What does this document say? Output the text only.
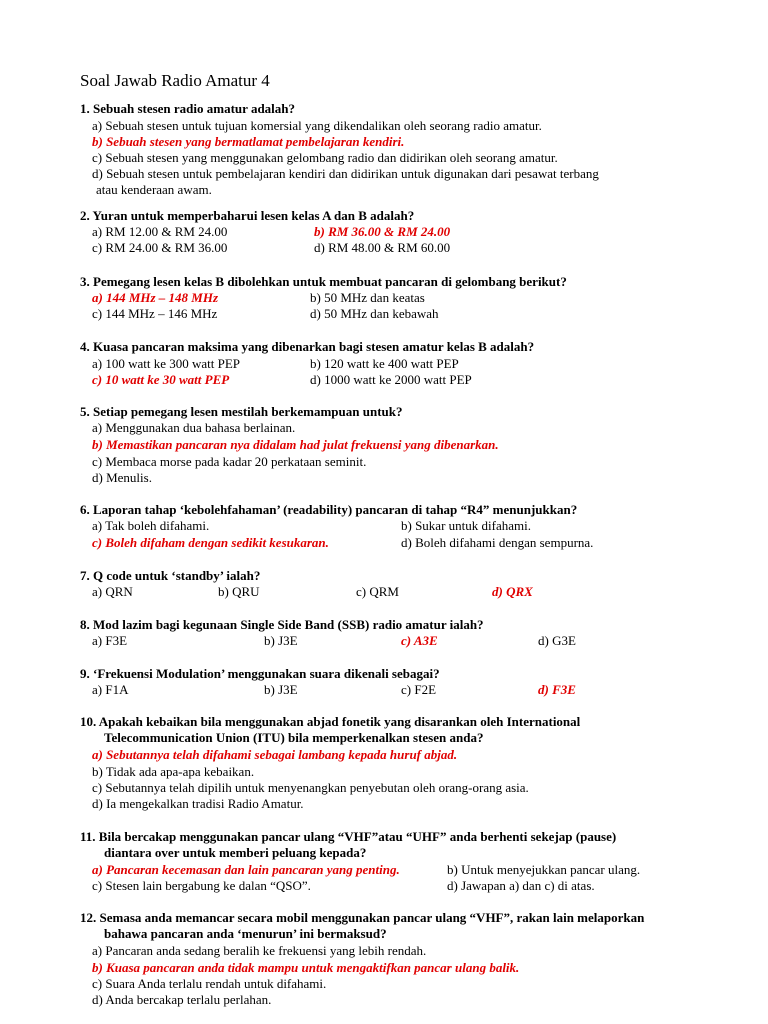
Soal Jawab Radio Amatur 4
1. Sebuah stesen radio amatur adalah?
a) Sebuah stesen untuk tujuan komersial yang dikendalikan oleh seorang radio amatur.
b) Sebuah stesen yang bermatlamat pembelajaran kendiri.
c) Sebuah stesen yang menggunakan gelombang radio dan didirikan oleh seorang amatur.
d) Sebuah stesen untuk pembelajaran kendiri dan didirikan untuk digunakan dari pesawat terbang
atau kenderaan awam.
2. Yuran untuk memperbaharui lesen kelas A dan B adalah?
a) RM 12.00 & RM 24.00	b) RM 36.00 & RM 24.00
c) RM 24.00 & RM 36.00	d) RM 48.00 & RM 60.00
3. Pemegang lesen kelas B dibolehkan untuk membuat pancaran di gelombang berikut?
a) 144 MHz – 148 MHz	b) 50 MHz dan keatas
c) 144 MHz – 146 MHz	d) 50 MHz dan kebawah
4. Kuasa pancaran maksima yang dibenarkan bagi stesen amatur kelas B adalah?
a) 100 watt ke 300 watt PEP	b) 120 watt ke 400 watt PEP
c) 10 watt ke 30 watt PEP	d) 1000 watt ke 2000 watt PEP
5. Setiap pemegang lesen mestilah berkemampuan untuk?
a) Menggunakan dua bahasa berlainan.
b) Memastikan pancaran nya didalam had julat frekuensi yang dibenarkan.
c) Membaca morse pada kadar 20 perkataan seminit.
d) Menulis.
6. Laporan tahap ‘kebolehfahaman’ (readability) pancaran di tahap “R4” menunjukkan?
a) Tak boleh difahami.	b) Sukar untuk difahami.
c) Boleh difaham dengan sedikit kesukaran.	d) Boleh difahami dengan sempurna.
7. Q code untuk ‘standby’ ialah?
a) QRN	b) QRU	c) QRM	d) QRX
8. Mod lazim bagi kegunaan Single Side Band (SSB) radio amatur ialah?
a) F3E	b) J3E	c) A3E	d) G3E
9. ‘Frekuensi Modulation’ menggunakan suara dikenali sebagai?
a) F1A	b) J3E	c) F2E	d) F3E
10. Apakah kebaikan bila menggunakan abjad fonetik yang disarankan oleh International
Telecommunication Union (ITU) bila memperkenalkan stesen anda?
a) Sebutannya telah difahami sebagai lambang kepada huruf abjad.
b) Tidak ada apa-apa kebaikan.
c) Sebutannya telah dipilih untuk menyenangkan penyebutan oleh orang-orang asia.
d) Ia mengekalkan tradisi Radio Amatur.
11. Bila bercakap menggunakan pancar ulang “VHF”atau “UHF” anda berhenti sekejap (pause)
diantara over untuk memberi peluang kepada?
a) Pancaran kecemasan dan lain pancaran yang penting.	b) Untuk menyejukkan pancar ulang.
c) Stesen lain bergabung ke dalan “QSO”.	d) Jawapan a) dan c) di atas.
12. Semasa anda memancar secara mobil menggunakan pancar ulang “VHF”, rakan lain melaporkan
bahawa pancaran anda ‘menurun’ ini bermaksud?
a) Pancaran anda sedang beralih ke frekuensi yang lebih rendah.
b) Kuasa pancaran anda tidak mampu untuk mengaktifkan pancar ulang balik.
c) Suara Anda terlalu rendah untuk difahami.
d) Anda bercakap terlalu perlahan.
